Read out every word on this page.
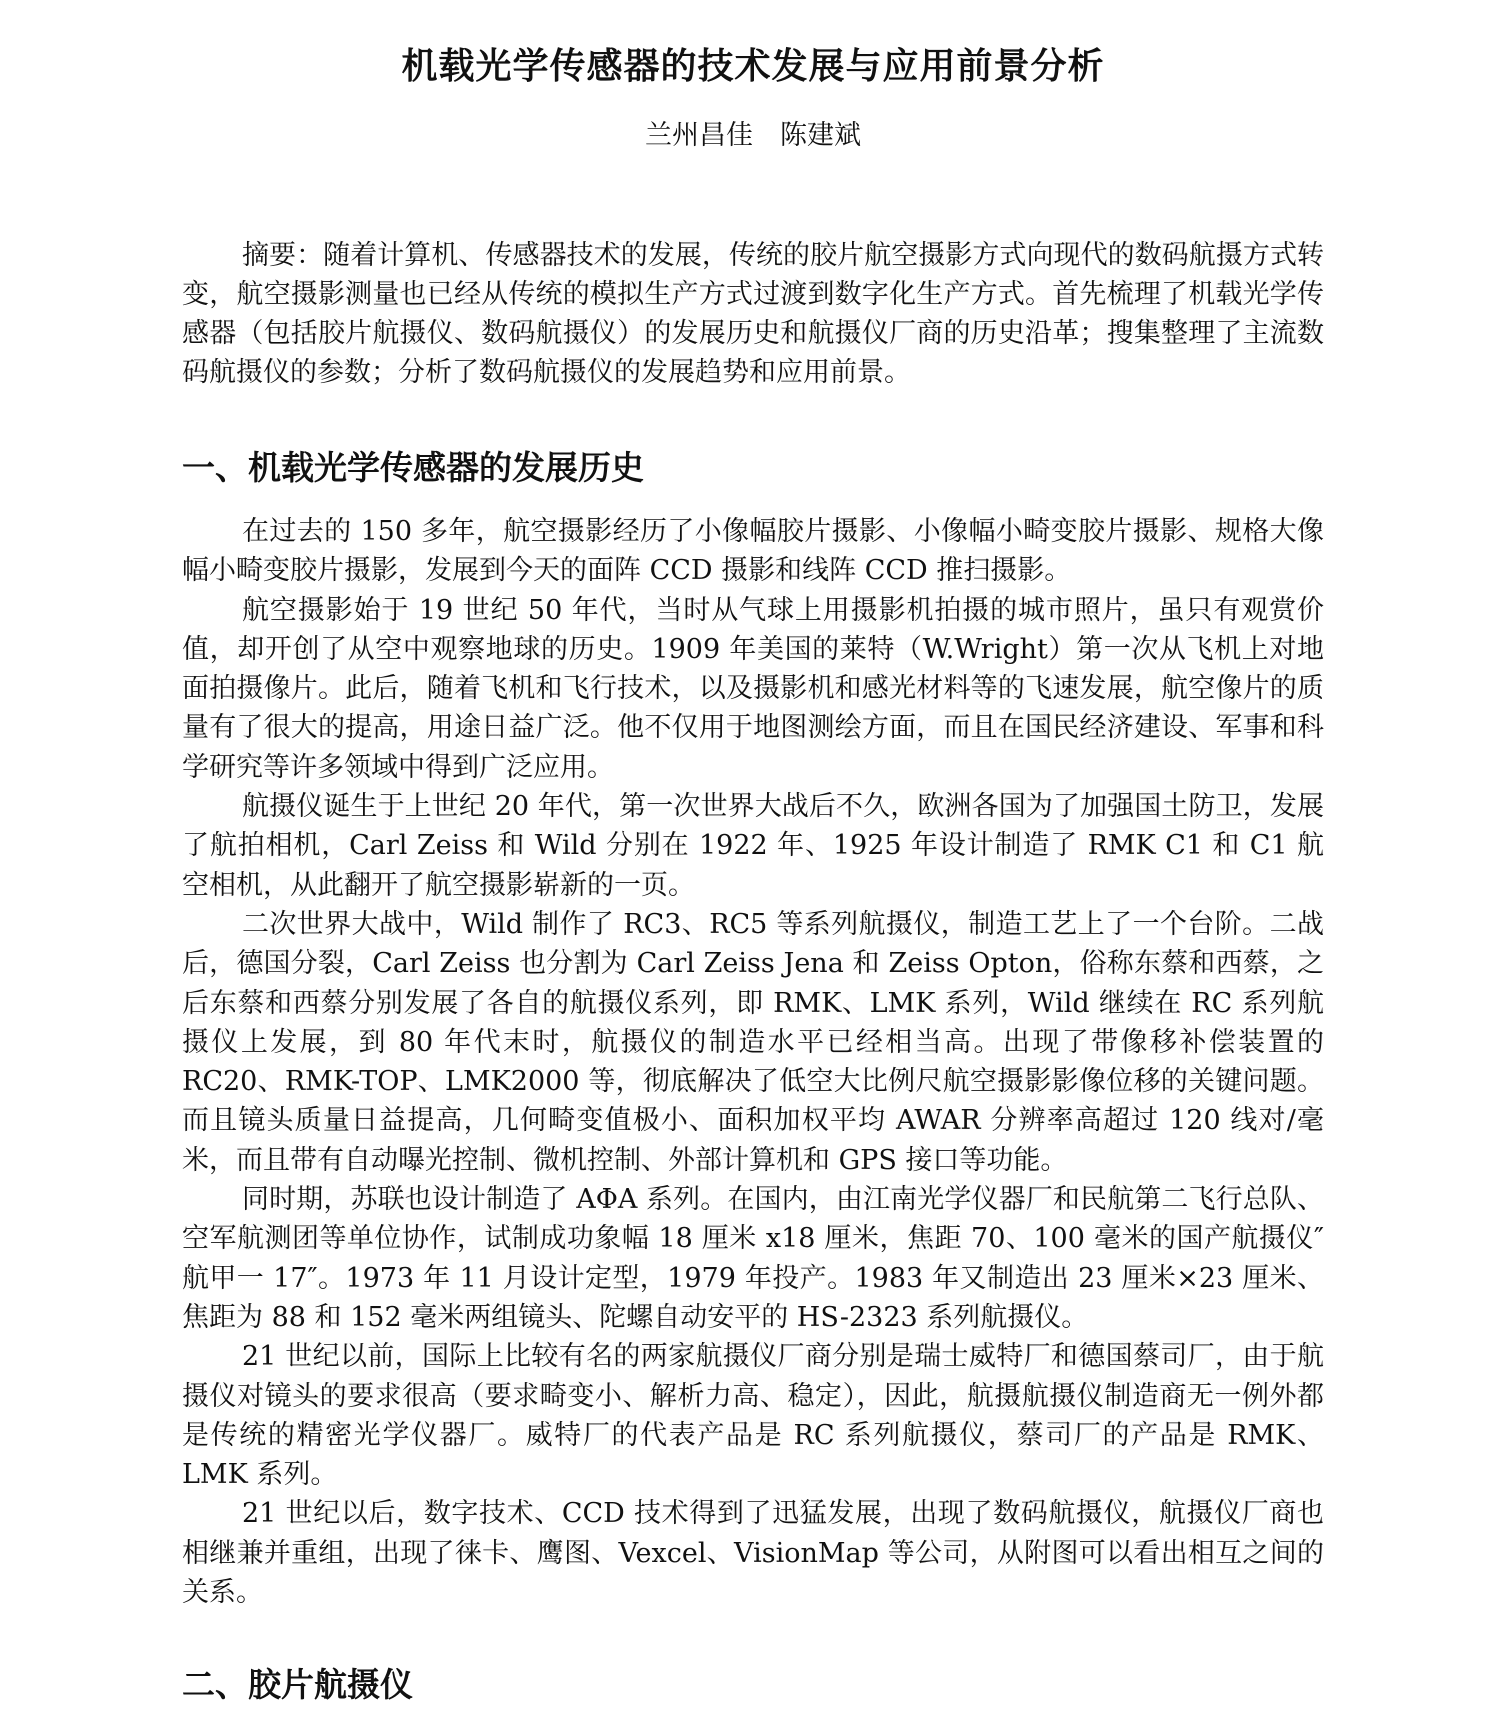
机载光学传感器的技术发展与应用前景分析
兰州昌佳　陈建斌

摘要：随着计算机、传感器技术的发展，传统的胶片航空摄影方式向现代的数码航摄方式转变，航空摄影测量也已经从传统的模拟生产方式过渡到数字化生产方式。首先梳理了机载光学传感器（包括胶片航摄仪、数码航摄仪）的发展历史和航摄仪厂商的历史沿革；搜集整理了主流数码航摄仪的参数；分析了数码航摄仪的发展趋势和应用前景。

一、机载光学传感器的发展历史

在过去的 150 多年，航空摄影经历了小像幅胶片摄影、小像幅小畸变胶片摄影、规格大像幅小畸变胶片摄影，发展到今天的面阵 CCD 摄影和线阵 CCD 推扫摄影。

航空摄影始于 19 世纪 50 年代，当时从气球上用摄影机拍摄的城市照片，虽只有观赏价值，却开创了从空中观察地球的历史。1909 年美国的莱特（W.Wright）第一次从飞机上对地面拍摄像片。此后，随着飞机和飞行技术，以及摄影机和感光材料等的飞速发展，航空像片的质量有了很大的提高，用途日益广泛。他不仅用于地图测绘方面，而且在国民经济建设、军事和科学研究等许多领域中得到广泛应用。

航摄仪诞生于上世纪 20 年代，第一次世界大战后不久，欧洲各国为了加强国土防卫，发展了航拍相机，Carl Zeiss 和 Wild 分别在 1922 年、1925 年设计制造了 RMK C1 和 C1 航空相机，从此翻开了航空摄影崭新的一页。

二次世界大战中，Wild 制作了 RC3、RC5 等系列航摄仪，制造工艺上了一个台阶。二战后，德国分裂，Carl Zeiss 也分割为 Carl Zeiss Jena 和 Zeiss Opton，俗称东蔡和西蔡，之后东蔡和西蔡分别发展了各自的航摄仪系列，即 RMK、LMK 系列，Wild 继续在 RC 系列航摄仪上发展，到 80 年代末时，航摄仪的制造水平已经相当高。出现了带像移补偿装置的 RC20、RMK-TOP、LMK2000 等，彻底解决了低空大比例尺航空摄影影像位移的关键问题。而且镜头质量日益提高，几何畸变值极小、面积加权平均 AWAR 分辨率高超过 120 线对/毫米，而且带有自动曝光控制、微机控制、外部计算机和 GPS 接口等功能。

同时期，苏联也设计制造了 AΦA 系列。在国内，由江南光学仪器厂和民航第二飞行总队、空军航测团等单位协作，试制成功象幅 18 厘米 x18 厘米，焦距 70、100 毫米的国产航摄仪″航甲一 17″。1973 年 11 月设计定型，1979 年投产。1983 年又制造出 23 厘米×23 厘米、焦距为 88 和 152 毫米两组镜头、陀螺自动安平的 HS-2323 系列航摄仪。

21 世纪以前，国际上比较有名的两家航摄仪厂商分别是瑞士威特厂和德国蔡司厂，由于航摄仪对镜头的要求很高（要求畸变小、解析力高、稳定），因此，航摄航摄仪制造商无一例外都是传统的精密光学仪器厂。威特厂的代表产品是 RC 系列航摄仪，蔡司厂的产品是 RMK、LMK 系列。

21 世纪以后，数字技术、CCD 技术得到了迅猛发展，出现了数码航摄仪，航摄仪厂商也相继兼并重组，出现了徕卡、鹰图、Vexcel、VisionMap 等公司，从附图可以看出相互之间的关系。

二、胶片航摄仪
